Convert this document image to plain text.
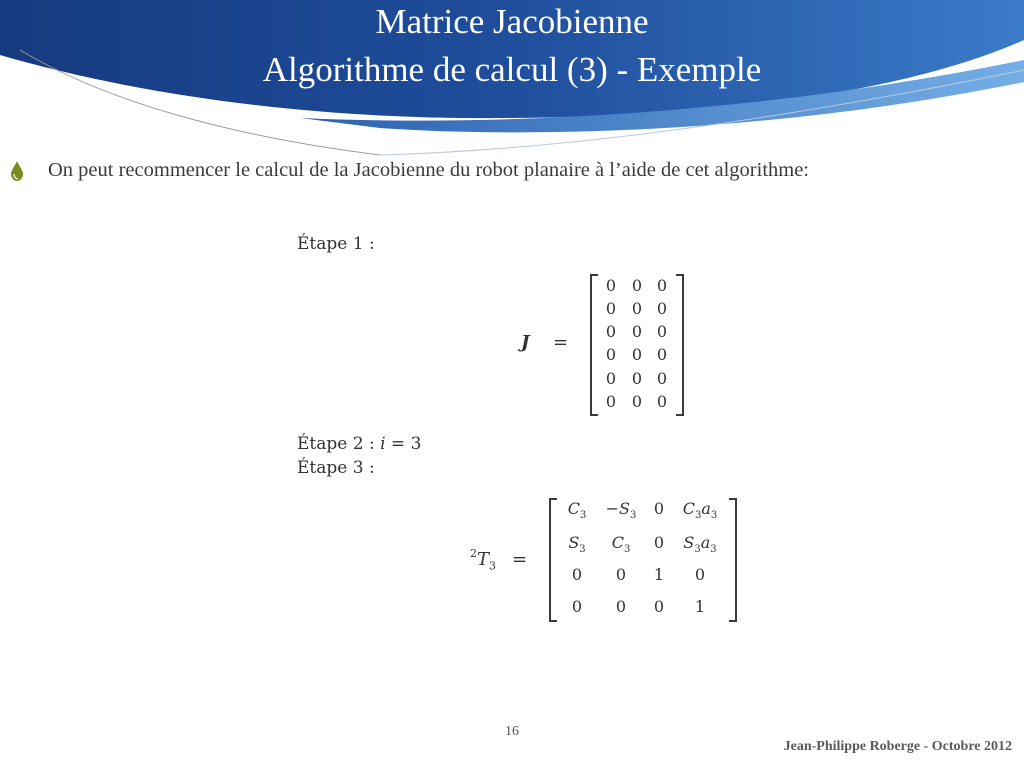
Matrice Jacobienne
Algorithme de calcul (3) - Exemple
On peut recommencer le calcul de la Jacobienne du robot planaire à l’aide de cet algorithme:
Étape 1 :
J =
0 0 0
0 0 0
0 0 0
0 0 0
0 0 0
0 0 0
Étape 2 : i = 3
Étape 3 :
$^2T_3$ =
$C_3$	$-S_3$	0	$C_3a_3$
$S_3$	$C_3$	0	$S_3a_3$
0	0	1	0
0	0	0	1
16
Jean-Philippe Roberge - Octobre 2012
